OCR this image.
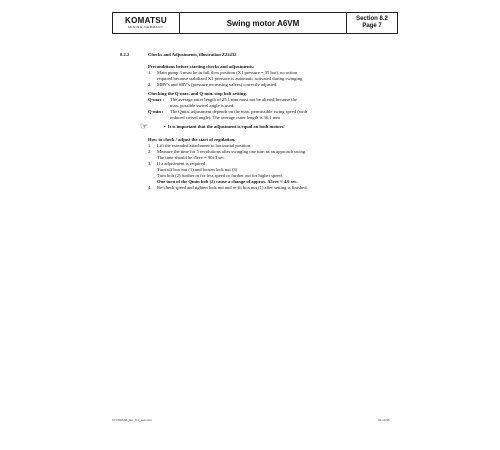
KOMATSU
MINING GERMANY	Swing motor A6VM	Section 8.2
Page 7
8.2.2	Checks and Adjustments, illustration Z22432
Preconditions before starting checks and adjustments:
1. Main pump 3 must be in full flow position (X1 pressure = 35 bar), no action
required because stabilized X1 pressure is automatic activated during swinging
2. MRV's and SRV's (pressure increasing valves) correctly adjusted.
Checking the Q-max. and Q-min. stop bolt setting.
Q-max :	The average outer length of 25.1 mm must not be altered because the
max. possible swivel angle is used.
Q-min :	The Qmin. adjustment depends on the max. permissible swing speed (with
reduced swivel angle). The average outer length is 36,1 mm
☞	• It is important that the adjustment is equal on both motors!
How to check / adjust the start of regulation.
1. Lift the extended attachment to horizontal position.
2. Measure the time for 5 revolutions after swinging one turn as an approach swing.
The time should be t5rev = 90±3 sec .
3. If a adjustment is required:
Turn off box nut (1) and loosen lock nut (3)
Turn bolt (2) further in for less speed or further out for higher speed.
One turn of the Qmin bolt (2) cause a change of approx. Δ5rev ≈ 4.6 sec.
4. Re-check speed and tighten lock nut and re-fit box nut (1) after setting is finished.
KTC900-08_8er_8.2_swmotor	04.10.05
